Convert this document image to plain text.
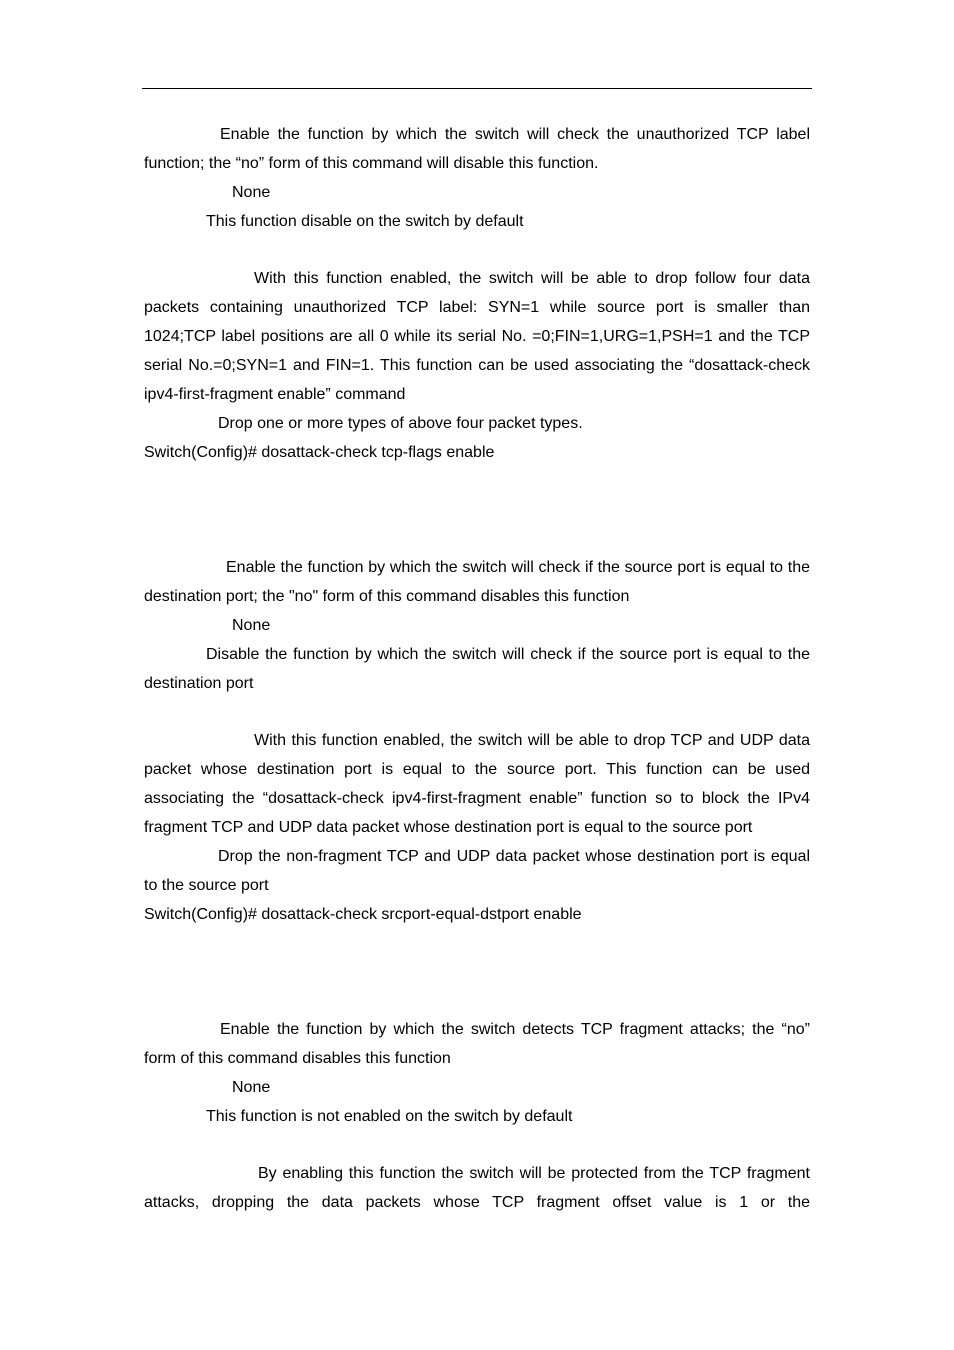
Enable the function by which the switch will check the unauthorized TCP label function; the “no” form of this command will disable this function.

None

This function disable on the switch by default

With this function enabled, the switch will be able to drop follow four data packets containing unauthorized TCP label: SYN=1 while source port is smaller than 1024;TCP label positions are all 0 while its serial No. =0;FIN=1,URG=1,PSH=1 and the TCP serial No.=0;SYN=1 and FIN=1. This function can be used associating the “dosattack-check ipv4-first-fragment enable” command

Drop one or more types of above four packet types.

Switch(Config)# dosattack-check tcp-flags enable

Enable the function by which the switch will check if the source port is equal to the destination port; the "no" form of this command disables this function

None

Disable the function by which the switch will check if the source port is equal to the destination port

With this function enabled, the switch will be able to drop TCP and UDP data packet whose destination port is equal to the source port. This function can be used associating the “dosattack-check ipv4-first-fragment enable” function so to block the IPv4 fragment TCP and UDP data packet whose destination port is equal to the source port

Drop the non-fragment TCP and UDP data packet whose destination port is equal to the source port

Switch(Config)# dosattack-check srcport-equal-dstport enable

Enable the function by which the switch detects TCP fragment attacks; the “no” form of this command disables this function

None

This function is not enabled on the switch by default

By enabling this function the switch will be protected from the TCP fragment attacks, dropping the data packets whose TCP fragment offset value is 1 or the
